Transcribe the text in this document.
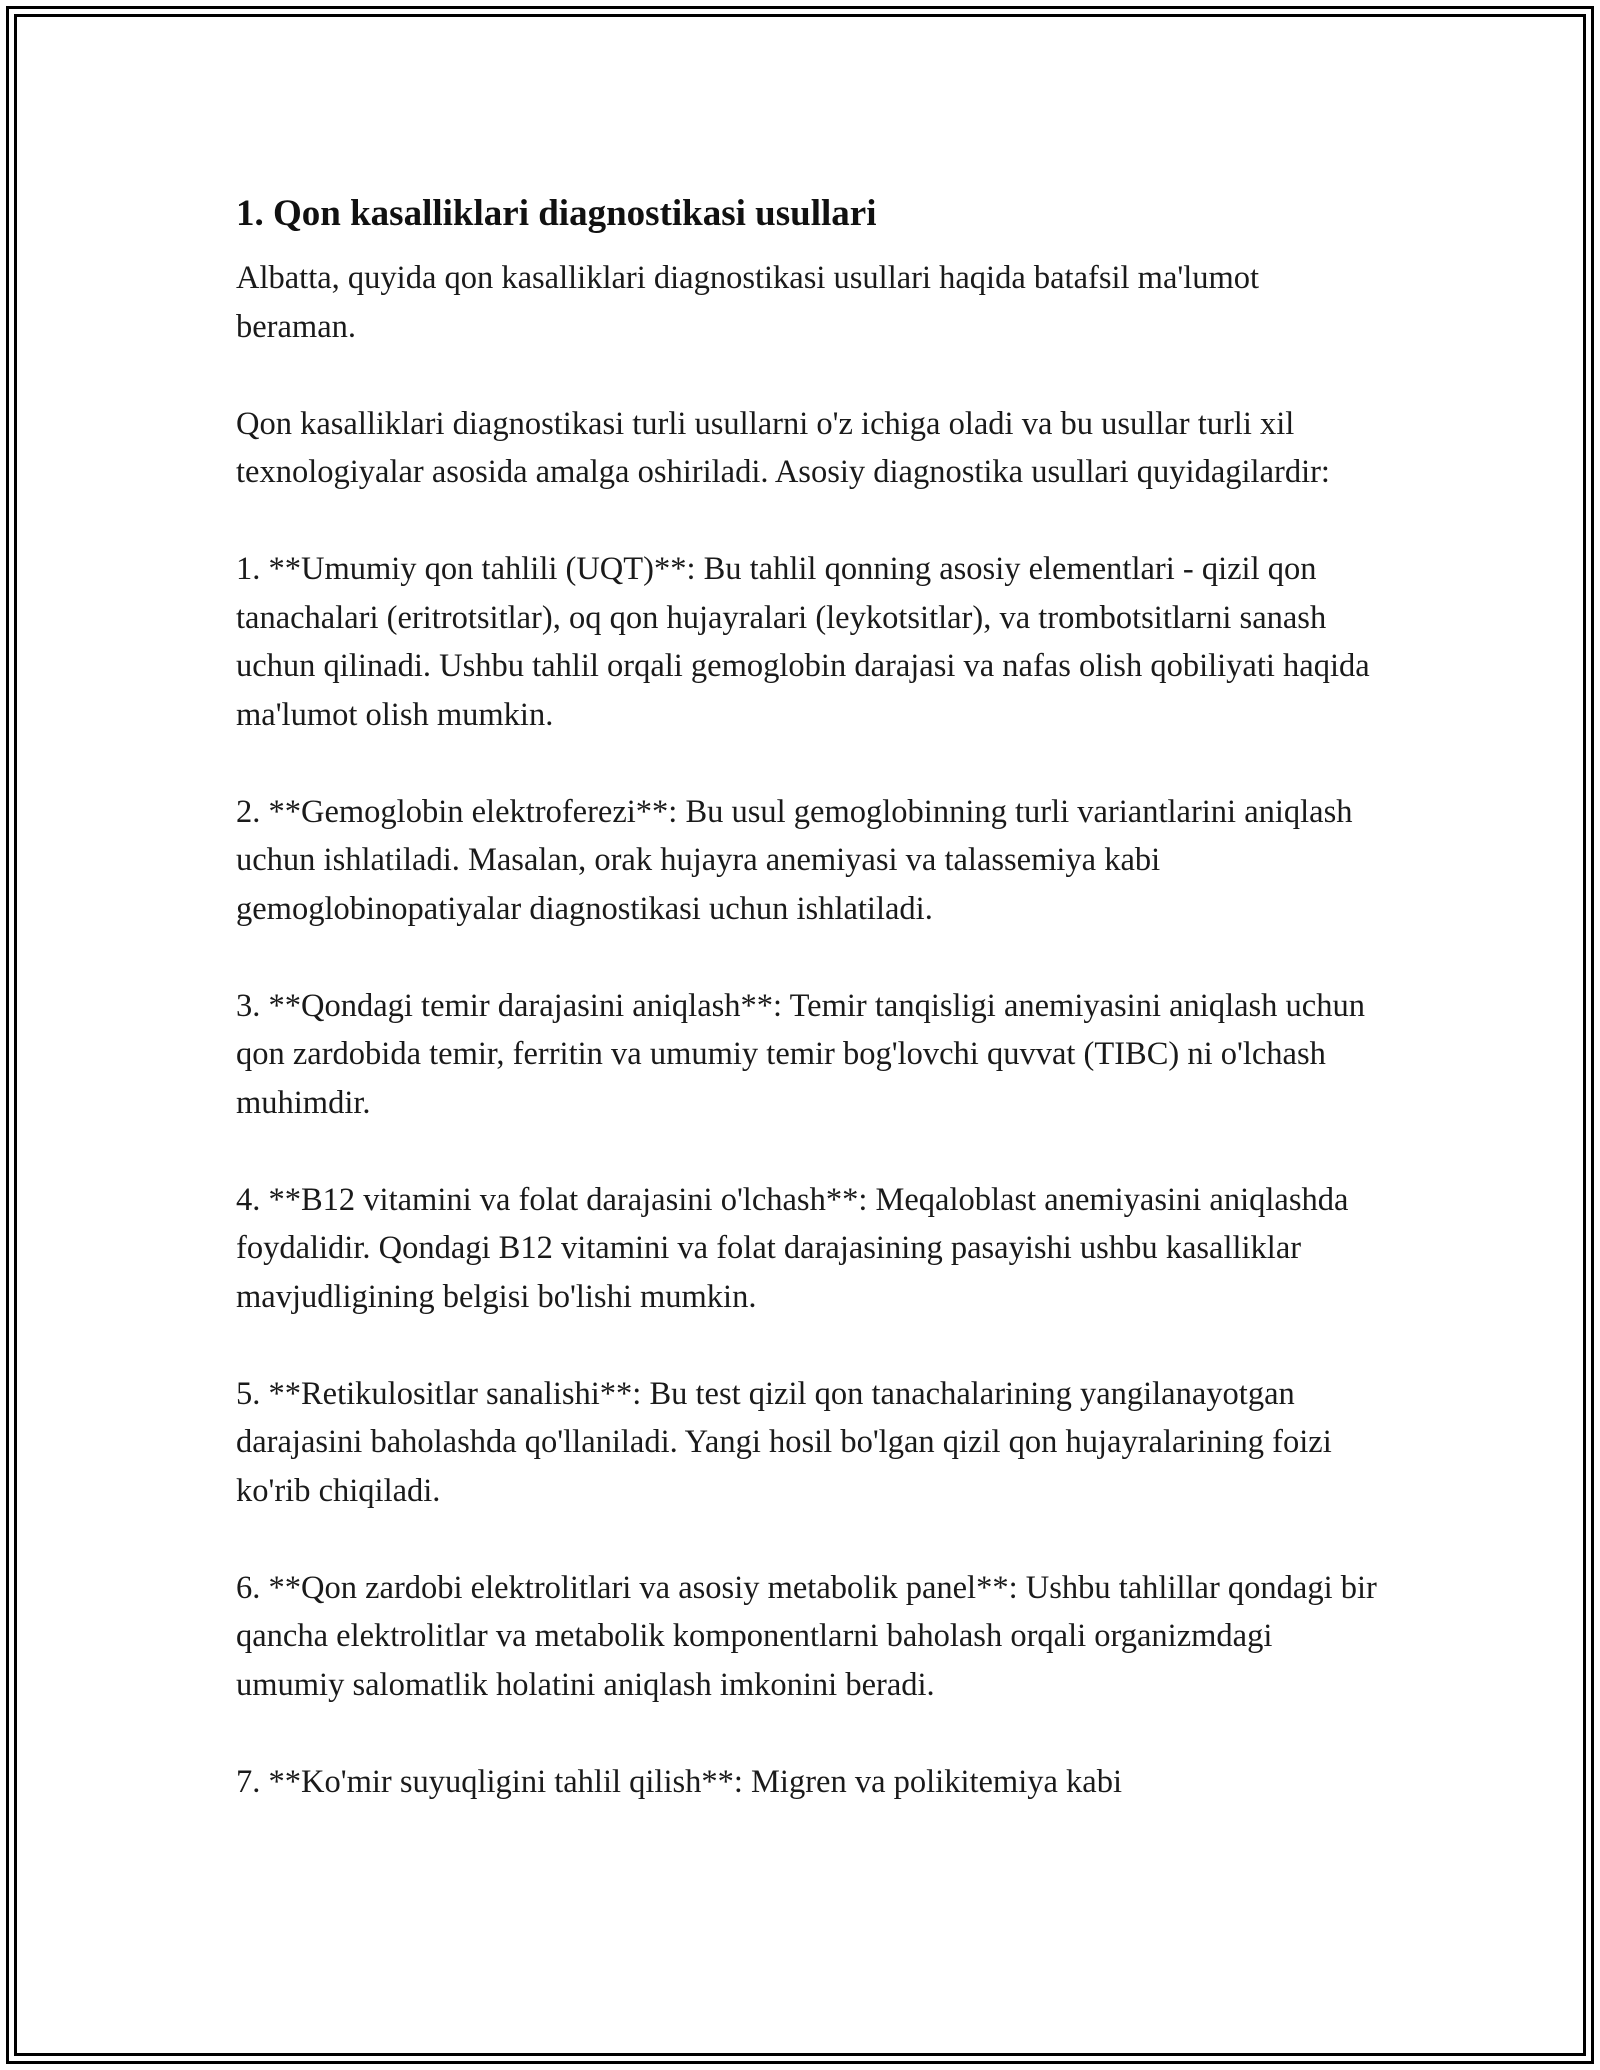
1. Qon kasalliklari diagnostikasi usullari

Albatta, quyida qon kasalliklari diagnostikasi usullari haqida batafsil ma'lumot beraman.

Qon kasalliklari diagnostikasi turli usullarni o'z ichiga oladi va bu usullar turli xil texnologiyalar asosida amalga oshiriladi. Asosiy diagnostika usullari quyidagilardir:

1. **Umumiy qon tahlili (UQT)**: Bu tahlil qonning asosiy elementlari - qizil qon tanachalari (eritrotsitlar), oq qon hujayralari (leykotsitlar), va trombotsitlarni sanash uchun qilinadi. Ushbu tahlil orqali gemoglobin darajasi va nafas olish qobiliyati haqida ma'lumot olish mumkin.

2. **Gemoglobin elektroferezi**: Bu usul gemoglobinning turli variantlarini aniqlash uchun ishlatiladi. Masalan, orak hujayra anemiyasi va talassemiya kabi gemoglobinopatiyalar diagnostikasi uchun ishlatiladi.

3. **Qondagi temir darajasini aniqlash**: Temir tanqisligi anemiyasini aniqlash uchun qon zardobida temir, ferritin va umumiy temir bog'lovchi quvvat (TIBC) ni o'lchash muhimdir.

4. **B12 vitamini va folat darajasini o'lchash**: Meqaloblast anemiyasini aniqlashda foydalidir. Qondagi B12 vitamini va folat darajasining pasayishi ushbu kasalliklar mavjudligining belgisi bo'lishi mumkin.

5. **Retikulositlar sanalishi**: Bu test qizil qon tanachalarining yangilanayotgan darajasini baholashda qo'llaniladi. Yangi hosil bo'lgan qizil qon hujayralarining foizi ko'rib chiqiladi.

6. **Qon zardobi elektrolitlari va asosiy metabolik panel**: Ushbu tahlillar qondagi bir qancha elektrolitlar va metabolik komponentlarni baholash orqali organizmdagi umumiy salomatlik holatini aniqlash imkonini beradi.

7. **Ko'mir suyuqligini tahlil qilish**: Migren va polikitemiya kabi
